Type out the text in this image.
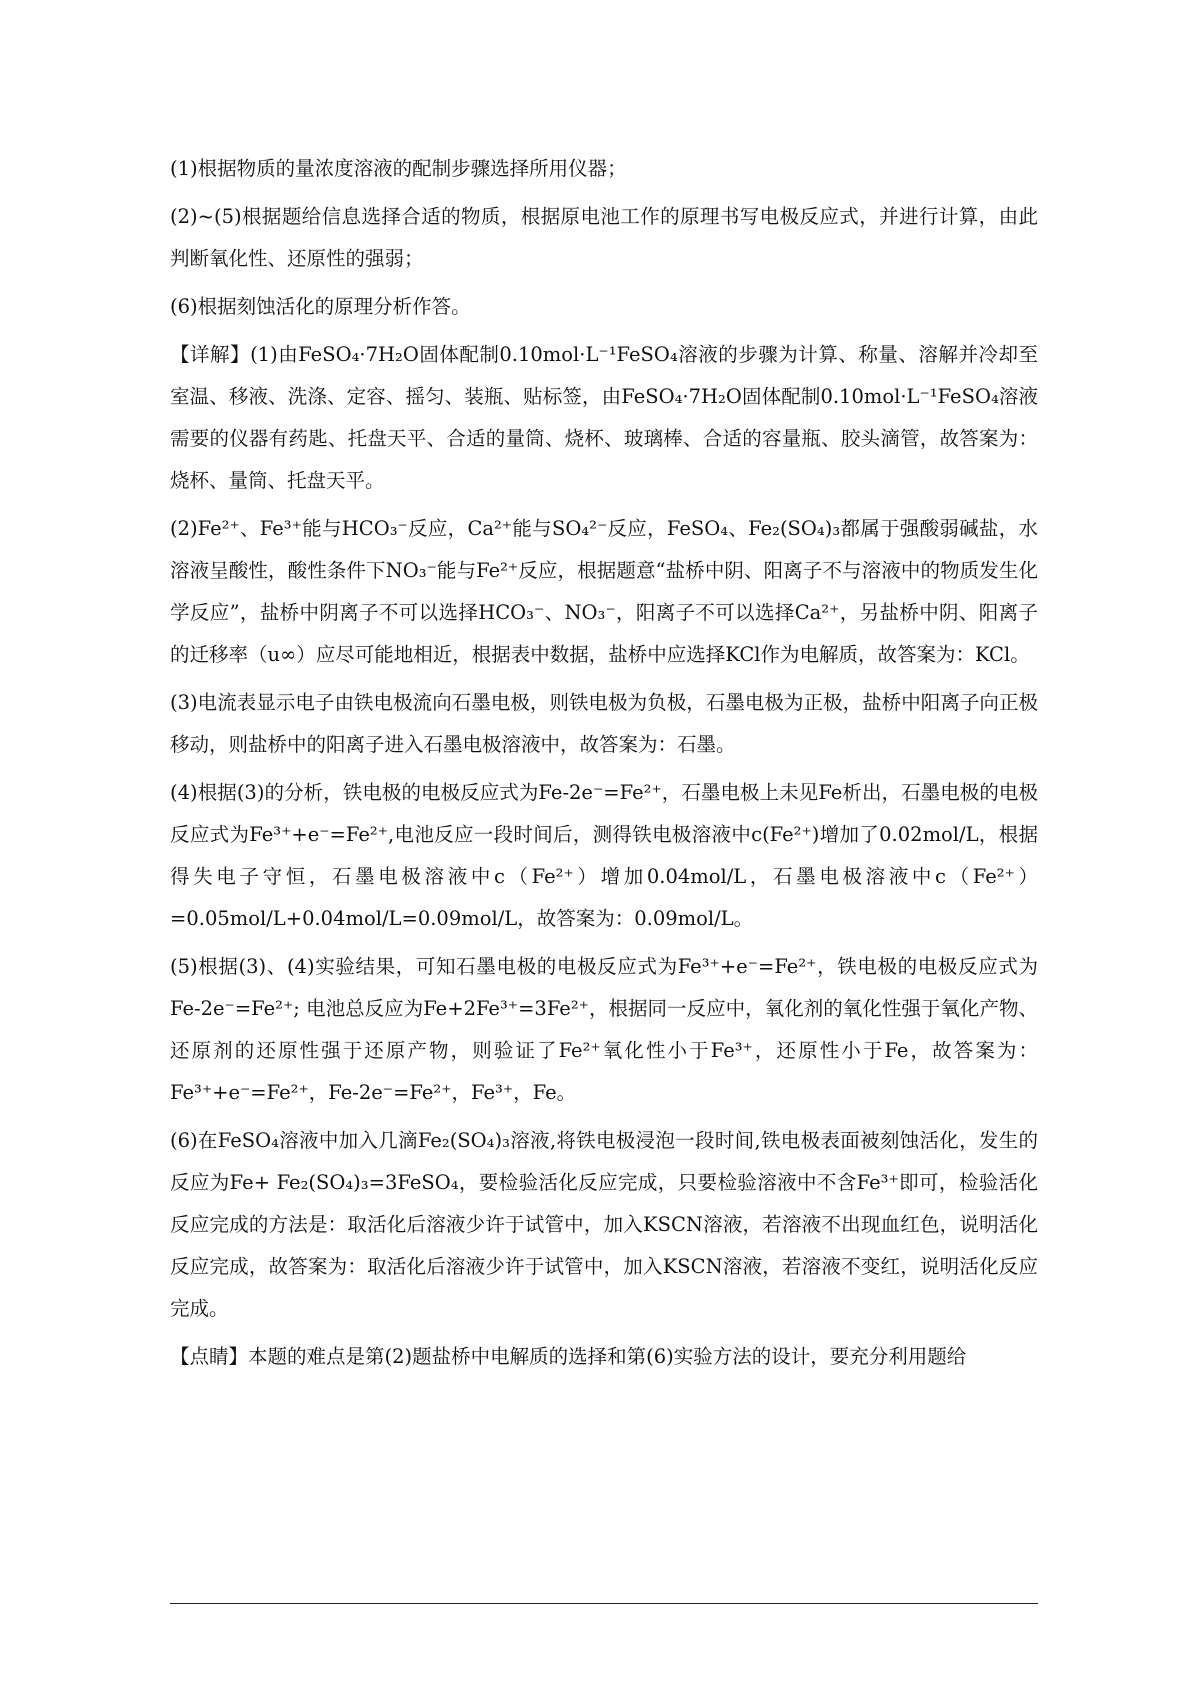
(1)根据物质的量浓度溶液的配制步骤选择所用仪器；

(2)~(5)根据题给信息选择合适的物质，根据原电池工作的原理书写电极反应式，并进行计算，由此判断氧化性、还原性的强弱；

(6)根据刻蚀活化的原理分析作答。

【详解】(1)由FeSO₄·7H₂O固体配制0.10mol·L⁻¹FeSO₄溶液的步骤为计算、称量、溶解并冷却至室温、移液、洗涤、定容、摇匀、装瓶、贴标签，由FeSO₄·7H₂O固体配制0.10mol·L⁻¹FeSO₄溶液需要的仪器有药匙、托盘天平、合适的量筒、烧杯、玻璃棒、合适的容量瓶、胶头滴管，故答案为：烧杯、量筒、托盘天平。

(2)Fe²⁺、Fe³⁺能与HCO₃⁻反应，Ca²⁺能与SO₄²⁻反应，FeSO₄、Fe₂(SO₄)₃都属于强酸弱碱盐，水溶液呈酸性，酸性条件下NO₃⁻能与Fe²⁺反应，根据题意“盐桥中阴、阳离子不与溶液中的物质发生化学反应”，盐桥中阴离子不可以选择HCO₃⁻、NO₃⁻，阳离子不可以选择Ca²⁺，另盐桥中阴、阳离子的迁移率（u∞）应尽可能地相近，根据表中数据，盐桥中应选择KCl作为电解质，故答案为：KCl。

(3)电流表显示电子由铁电极流向石墨电极，则铁电极为负极，石墨电极为正极，盐桥中阳离子向正极移动，则盐桥中的阳离子进入石墨电极溶液中，故答案为：石墨。

(4)根据(3)的分析，铁电极的电极反应式为Fe-2e⁻=Fe²⁺，石墨电极上未见Fe析出，石墨电极的电极反应式为Fe³⁺+e⁻=Fe²⁺,电池反应一段时间后，测得铁电极溶液中c(Fe²⁺)增加了0.02mol/L，根据得失电子守恒，石墨电极溶液中c（Fe²⁺）增加0.04mol/L，石墨电极溶液中c（Fe²⁺）=0.05mol/L+0.04mol/L=0.09mol/L，故答案为：0.09mol/L。

(5)根据(3)、(4)实验结果，可知石墨电极的电极反应式为Fe³⁺+e⁻=Fe²⁺，铁电极的电极反应式为Fe-2e⁻=Fe²⁺; 电池总反应为Fe+2Fe³⁺=3Fe²⁺，根据同一反应中，氧化剂的氧化性强于氧化产物、还原剂的还原性强于还原产物，则验证了Fe²⁺氧化性小于Fe³⁺，还原性小于Fe，故答案为：Fe³⁺+e⁻=Fe²⁺，Fe-2e⁻=Fe²⁺，Fe³⁺，Fe。

(6)在FeSO₄溶液中加入几滴Fe₂(SO₄)₃溶液,将铁电极浸泡一段时间,铁电极表面被刻蚀活化，发生的反应为Fe+ Fe₂(SO₄)₃=3FeSO₄，要检验活化反应完成，只要检验溶液中不含Fe³⁺即可，检验活化反应完成的方法是：取活化后溶液少许于试管中，加入KSCN溶液，若溶液不出现血红色，说明活化反应完成，故答案为：取活化后溶液少许于试管中，加入KSCN溶液，若溶液不变红，说明活化反应完成。

【点睛】本题的难点是第(2)题盐桥中电解质的选择和第(6)实验方法的设计，要充分利用题给
